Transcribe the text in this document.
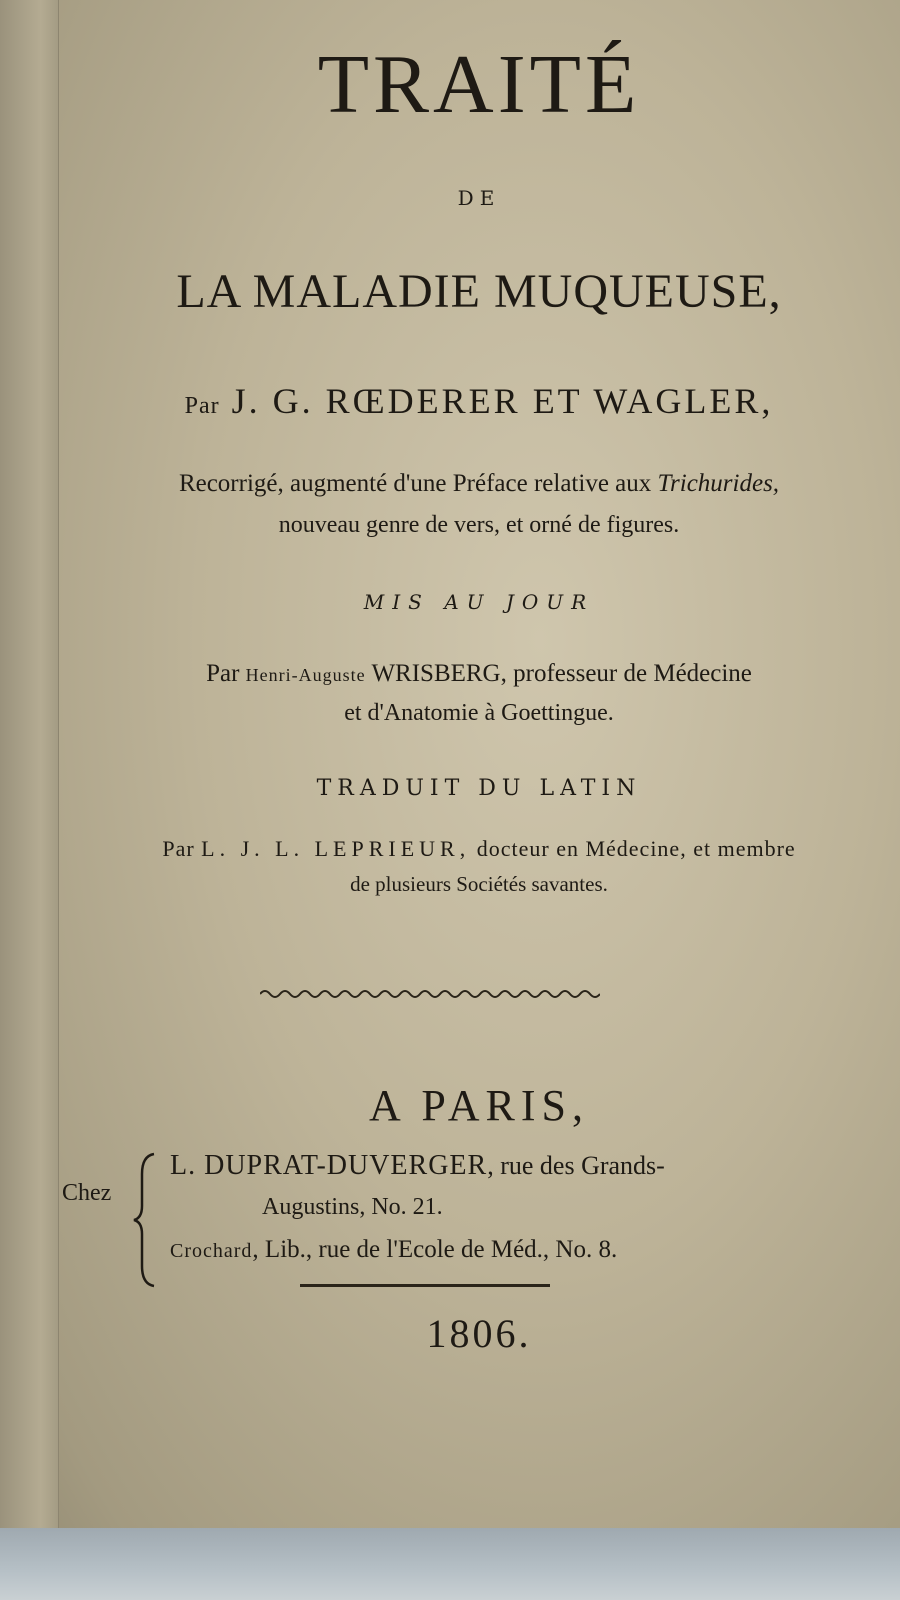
TRAITÉ
DE
LA MALADIE MUQUEUSE,
Par J. G. RŒDERER ET WAGLER,
Recorrigé, augmenté d'une Préface relative aux Trichurides,
nouveau genre de vers, et orné de figures.
MIS AU JOUR
Par Henri-Auguste WRISBERG, professeur de Médecine
et d'Anatomie à Goettingue.
TRADUIT DU LATIN
Par L. J. L. LEPRIEUR, docteur en Médecine, et membre
de plusieurs Sociétés savantes.
A PARIS,
Chez
L. DUPRAT-DUVERGER, rue des Grands-
Augustins, No. 21.
Crochard, Lib., rue de l'Ecole de Méd., No. 8.
1806.
